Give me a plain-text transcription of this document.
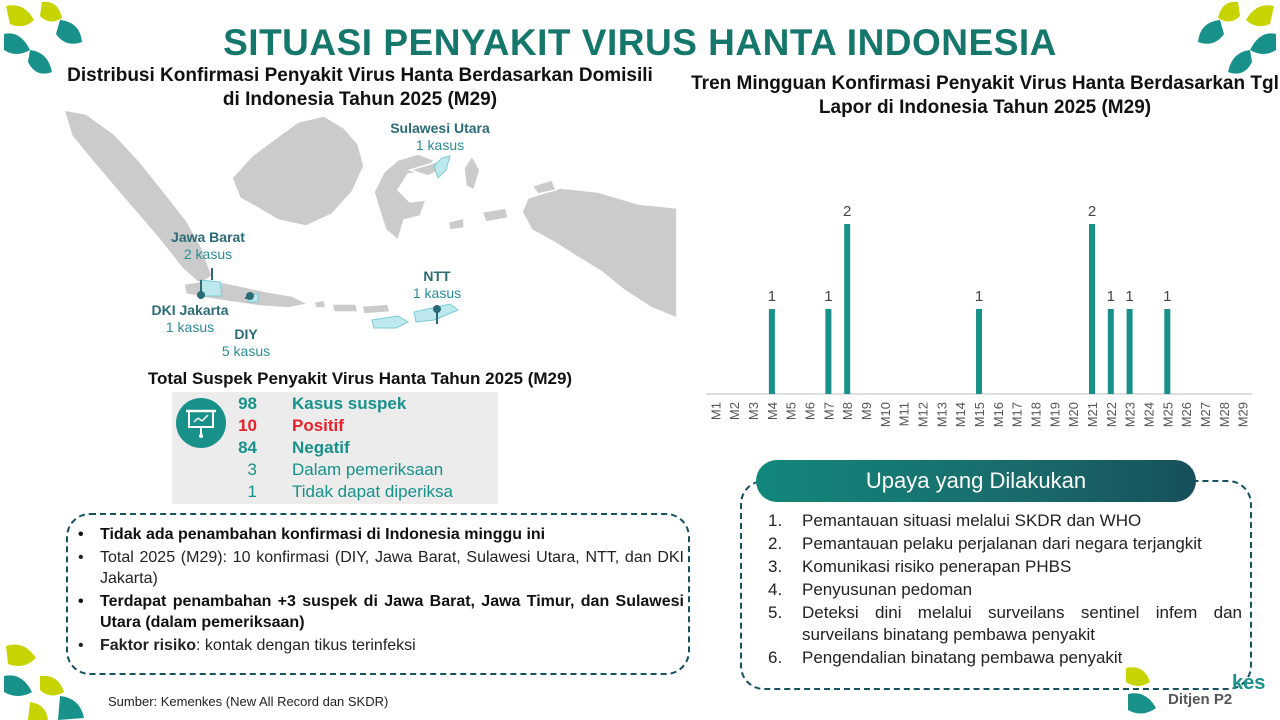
SITUASI PENYAKIT VIRUS HANTA INDONESIA
Distribusi Konfirmasi Penyakit Virus Hanta Berdasarkan Domisili di Indonesia Tahun 2025 (M29)
Sulawesi Utara
1 kasus
Jawa Barat
2 kasus
NTT
1 kasus
DKI Jakarta
1 kasus	DIY
5 kasus
Total Suspek Penyakit Virus Hanta Tahun 2025 (M29)
98 Kasus suspek
10 Positif
84 Negatif
3 Dalam pemeriksaan
1 Tidak dapat diperiksa
• Tidak ada penambahan konfirmasi di Indonesia minggu ini
• Total 2025 (M29): 10 konfirmasi (DIY, Jawa Barat, Sulawesi Utara, NTT, dan DKI Jakarta)
• Terdapat penambahan +3 suspek di Jawa Barat, Jawa Timur, dan Sulawesi Utara (dalam pemeriksaan)
• Faktor risiko: kontak dengan tikus terinfeksi
Sumber: Kemenkes (New All Record dan SKDR)
Tren Mingguan Konfirmasi Penyakit Virus Hanta Berdasarkan Tgl Lapor di Indonesia Tahun 2025 (M29)
M1 M2 M3
1
M4 M5 M6
1
M7
2
M8 M9 M10 M11 M12 M13 M14
1
M15 M16 M17 M18 M19 M20
2
M21
1
M22
1
M23 M24
1
M25 M26 M27 M28 M29
Upaya yang Dilakukan
1. Pemantauan situasi melalui SKDR dan WHO
2. Pemantauan pelaku perjalanan dari negara terjangkit
3. Komunikasi risiko penerapan PHBS
4. Penyusunan pedoman
5. Deteksi dini melalui surveilans sentinel infem dan surveilans binatang pembawa penyakit
6. Pengendalian binatang pembawa penyakit
kes
Ditjen P2
